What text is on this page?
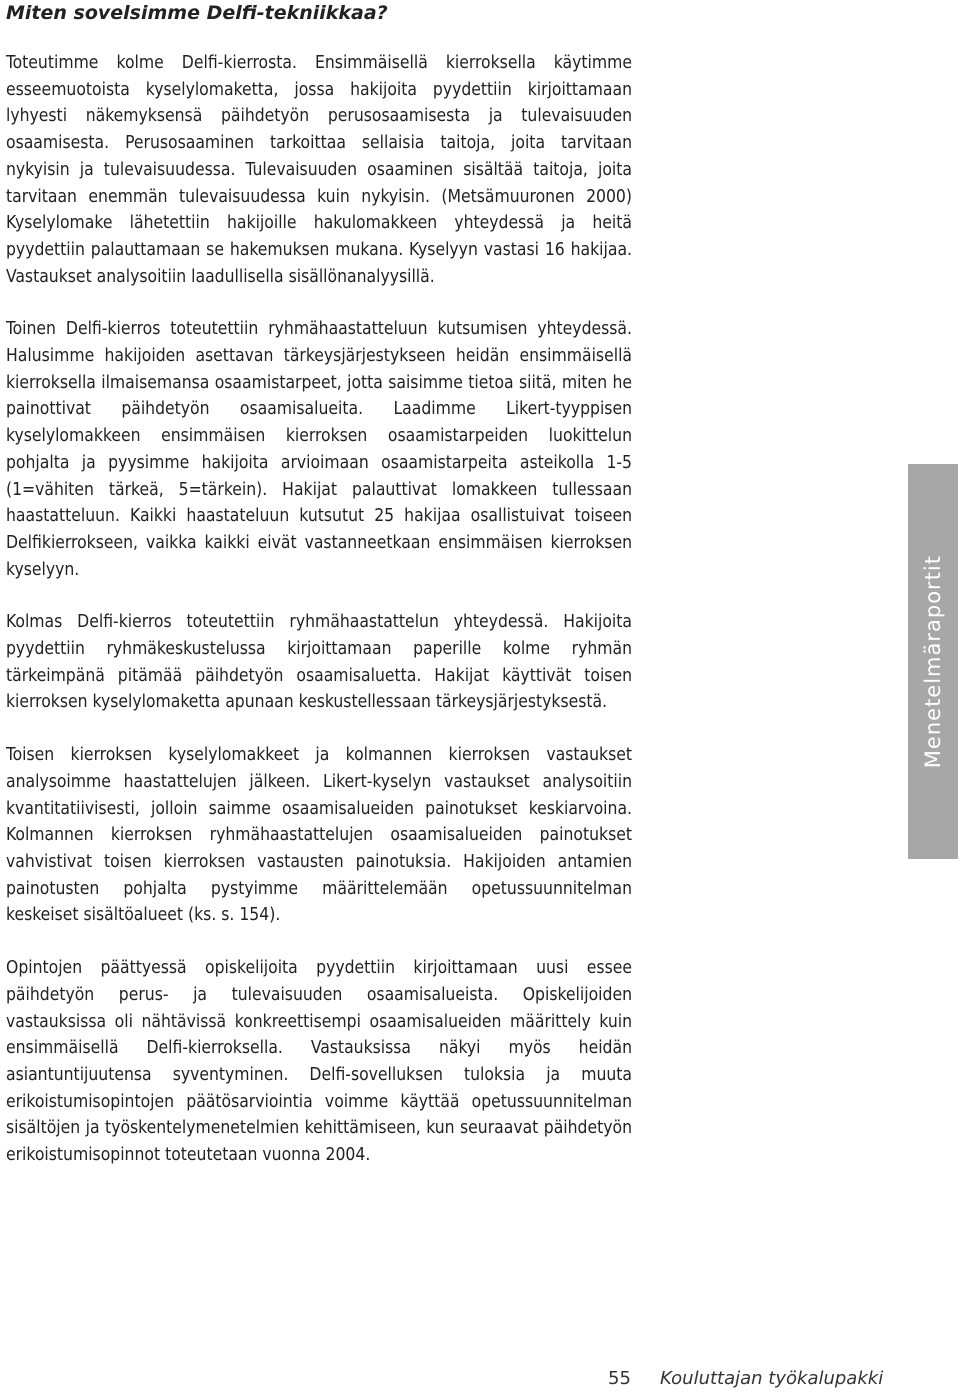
Miten sovelsimme Delfi-tekniikkaa?

Toteutimme kolme Delfi-kierrosta. Ensimmäisellä kierroksella käytimme esseemuotoista kyselylomaketta, jossa hakijoita pyydettiin kirjoittamaan lyhyesti näkemyksensä päihdetyön perusosaamisesta ja tulevaisuuden osaamisesta. Perusosaaminen tarkoittaa sellaisia taitoja, joita tarvitaan nykyisin ja tulevaisuudessa. Tulevaisuuden osaaminen sisältää taitoja, joita tarvitaan enemmän tulevaisuudessa kuin nykyisin. (Metsämuuronen 2000) Kyselylomake lähetettiin hakijoille hakulomakkeen yhteydessä ja heitä pyydettiin palauttamaan se hakemuksen mukana. Kyselyyn vastasi 16 hakijaa. Vastaukset analysoitiin laadullisella sisällönanalyysillä.

Toinen Delfi-kierros toteutettiin ryhmähaastatteluun kutsumisen yhteydessä. Halusimme hakijoiden asettavan tärkeysjärjestykseen heidän ensimmäisellä kierroksella ilmaisemansa osaamistarpeet, jotta saisimme tietoa siitä, miten he painottivat päihdetyön osaamisalueita. Laadimme Likert-tyyppisen kyselylomakkeen ensimmäisen kierroksen osaamistarpeiden luokittelun pohjalta ja pyysimme hakijoita arvioimaan osaamistarpeita asteikolla 1-5 (1=vähiten tärkeä, 5=tärkein). Hakijat palauttivat lomakkeen tullessaan haastatteluun. Kaikki haastateluun kutsutut 25 hakijaa osallistuivat toiseen Delfikierrokseen, vaikka kaikki eivät vastanneetkaan ensimmäisen kierroksen kyselyyn.

Kolmas Delfi-kierros toteutettiin ryhmähaastattelun yhteydessä. Hakijoita pyydettiin ryhmäkeskustelussa kirjoittamaan paperille kolme ryhmän tärkeimpänä pitämää päihdetyön osaamisaluetta. Hakijat käyttivät toisen kierroksen kyselylomaketta apunaan keskustellessaan tärkeysjärjestyksestä.

Toisen kierroksen kyselylomakkeet ja kolmannen kierroksen vastaukset analysoimme haastattelujen jälkeen. Likert-kyselyn vastaukset analysoitiin kvantitatiivisesti, jolloin saimme osaamisalueiden painotukset keskiarvoina. Kolmannen kierroksen ryhmähaastattelujen osaamisalueiden painotukset vahvistivat toisen kierroksen vastausten painotuksia. Hakijoiden antamien painotusten pohjalta pystyimme määrittelemään opetussuunnitelman keskeiset sisältöalueet (ks. s. 154).

Opintojen päättyessä opiskelijoita pyydettiin kirjoittamaan uusi essee päihdetyön perus- ja tulevaisuuden osaamisalueista. Opiskelijoiden vastauksissa oli nähtävissä konkreettisempi osaamisalueiden määrittely kuin ensimmäisellä Delfi-kierroksella. Vastauksissa näkyi myös heidän asiantuntijuutensa syventyminen. Delfi-sovelluksen tuloksia ja muuta erikoistumisopintojen päätösarviointia voimme käyttää opetussuunnitelman sisältöjen ja työskentelymenetelmien kehittämiseen, kun seuraavat päihdetyön erikoistumisopinnot toteutetaan vuonna 2004.

Menetelmäraportit
55 Kouluttajan työkalupakki
